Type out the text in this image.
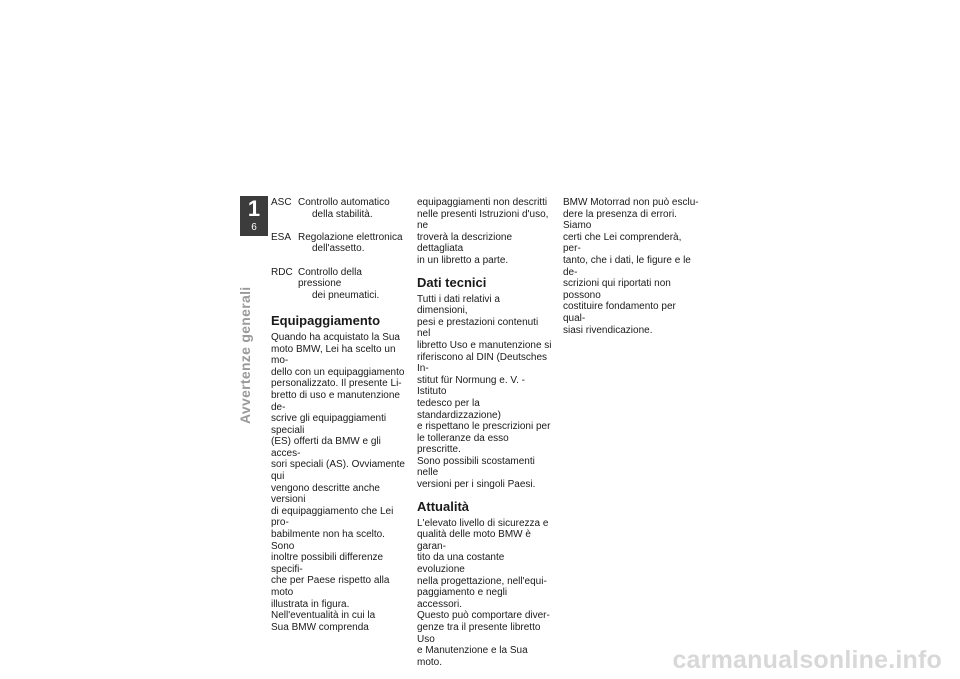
1
6
Avvertenze generali
ASC Controllo automatico
della stabilità.
ESA Regolazione elettronica
dell'assetto.
RDC Controllo della pressione
dei pneumatici.
Equipaggiamento

Quando ha acquistato la Sua
moto BMW, Lei ha scelto un mo-
dello con un equipaggiamento
personalizzato. Il presente Li-
bretto di uso e manutenzione de-
scrive gli equipaggiamenti speciali
(ES) offerti da BMW e gli acces-
sori speciali (AS). Ovviamente qui
vengono descritte anche versioni
di equipaggiamento che Lei pro-
babilmente non ha scelto. Sono
inoltre possibili differenze specifi-
che per Paese rispetto alla moto
illustrata in figura.
Nell'eventualità in cui la
Sua BMW comprenda

equipaggiamenti non descritti
nelle presenti Istruzioni d'uso, ne
troverà la descrizione dettagliata
in un libretto a parte.

Dati tecnici

Tutti i dati relativi a dimensioni,
pesi e prestazioni contenuti nel
libretto Uso e manutenzione si
riferiscono al DIN (Deutsches In-
stitut für Normung e. V. - Istituto
tedesco per la standardizzazione)
e rispettano le prescrizioni per
le tolleranze da esso prescritte.
Sono possibili scostamenti nelle
versioni per i singoli Paesi.

Attualità

L'elevato livello di sicurezza e
qualità delle moto BMW è garan-
tito da una costante evoluzione
nella progettazione, nell'equi-
paggiamento e negli accessori.
Questo può comportare diver-
genze tra il presente libretto Uso
e Manutenzione e la Sua moto.

BMW Motorrad non può esclu-
dere la presenza di errori. Siamo
certi che Lei comprenderà, per-
tanto, che i dati, le figure e le de-
scrizioni qui riportati non possono
costituire fondamento per qual-
siasi rivendicazione.

carmanualsonline.info
